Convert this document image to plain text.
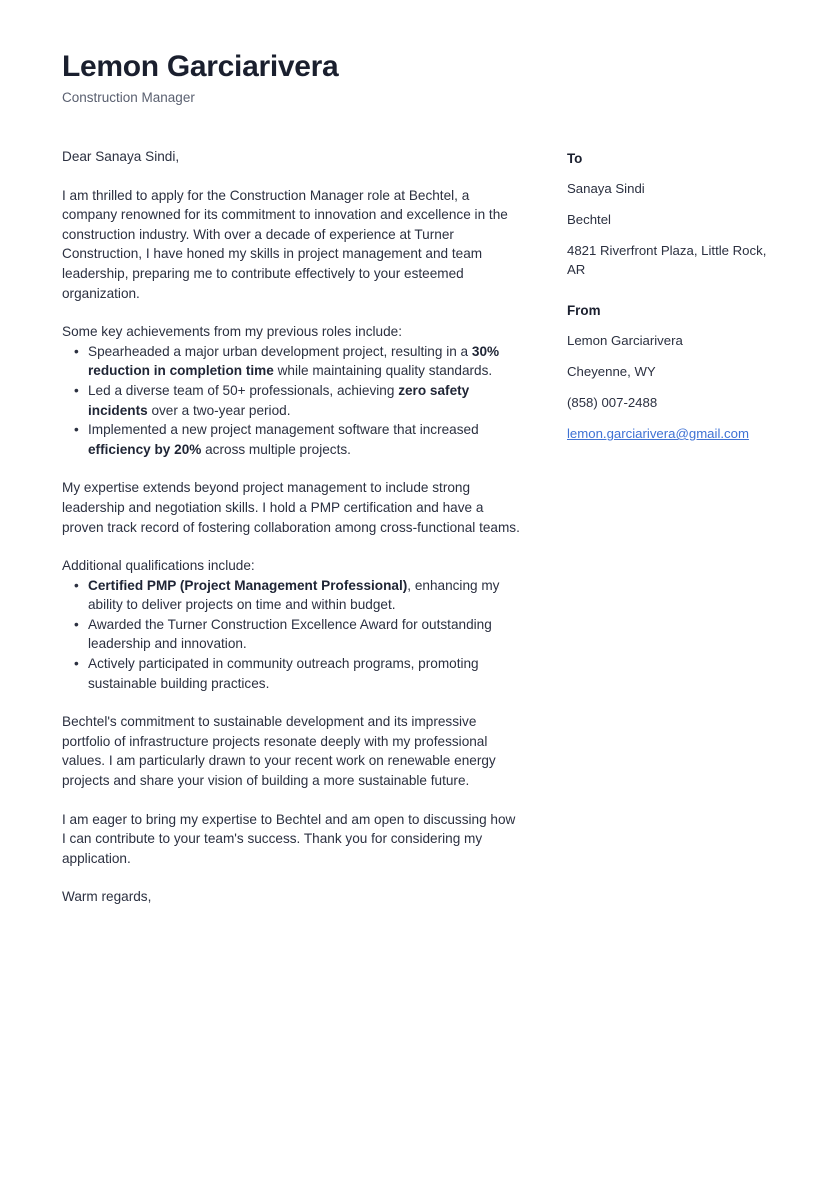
Lemon Garciarivera
Construction Manager

Dear Sanaya Sindi,

I am thrilled to apply for the Construction Manager role at Bechtel, a company renowned for its commitment to innovation and excellence in the construction industry. With over a decade of experience at Turner Construction, I have honed my skills in project management and team leadership, preparing me to contribute effectively to your esteemed organization.

Some key achievements from my previous roles include:

• Spearheaded a major urban development project, resulting in a 30% reduction in completion time while maintaining quality standards.
• Led a diverse team of 50+ professionals, achieving zero safety incidents over a two-year period.
• Implemented a new project management software that increased efficiency by 20% across multiple projects.

My expertise extends beyond project management to include strong leadership and negotiation skills. I hold a PMP certification and have a proven track record of fostering collaboration among cross-functional teams.

Additional qualifications include:

• Certified PMP (Project Management Professional), enhancing my ability to deliver projects on time and within budget.
• Awarded the Turner Construction Excellence Award for outstanding leadership and innovation.
• Actively participated in community outreach programs, promoting sustainable building practices.

Bechtel's commitment to sustainable development and its impressive portfolio of infrastructure projects resonate deeply with my professional values. I am particularly drawn to your recent work on renewable energy projects and share your vision of building a more sustainable future.

I am eager to bring my expertise to Bechtel and am open to discussing how I can contribute to your team's success. Thank you for considering my application.

Warm regards,

To
Sanaya Sindi
Bechtel
4821 Riverfront Plaza, Little Rock, AR
From
Lemon Garciarivera
Cheyenne, WY
(858) 007-2488
lemon.garciarivera@gmail.com
